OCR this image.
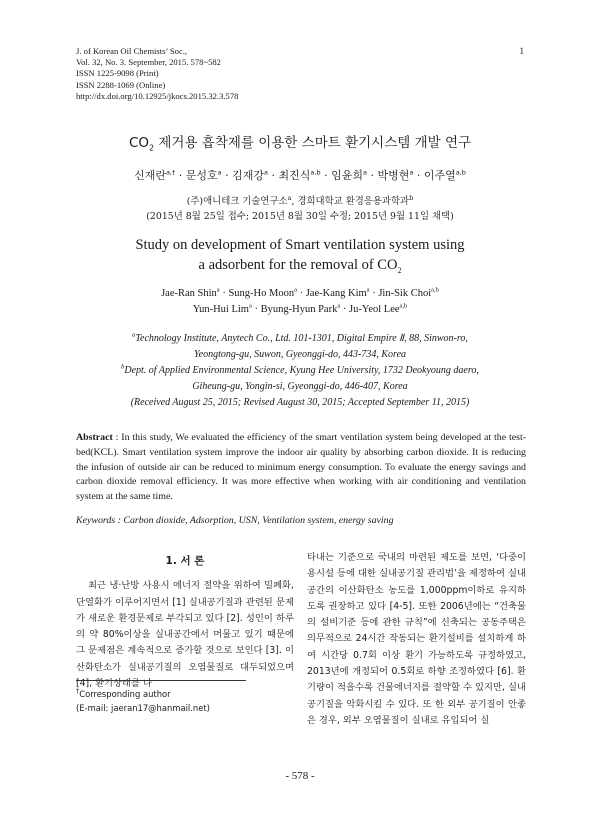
J. of Korean Oil Chemists’ Soc.,
Vol. 32, No. 3. September, 2015. 578~582
ISSN 1225-9098 (Print)
ISSN 2288-1069 (Online)
http://dx.doi.org/10.12925/jkocs.2015.32.3.578
1
$CO_2$ 제거용 흡착제를 이용한 스마트 환기시스템 개발 연구
신재란$^{a,\dagger}$ · 문성호$^a$ · 김재강$^a$ · 최진식$^{a,b}$ · 임윤희$^a$ · 박병현$^a$ · 이주열$^{a,b}$
(주)애니테크 기술연구소$^a$, 경희대학교 환경응용과학과$^b$
(2015년 8월 25일 접수; 2015년 8월 30일 수정; 2015년 9월 11일 채택)
Study on development of Smart ventilation system using
a adsorbent for the removal of $CO_2$
Jae-Ran Shin$^a$ · Sung-Ho Moon$^a$ · Jae-Kang Kim$^a$ · Jin-Sik Choi$^{a,b}$
Yun-Hui Lim$^a$ · Byung-Hyun Park$^a$ · Ju-Yeol Lee$^{a,b}$
$^a$Technology Institute, Anytech Co., Ltd. 101-1301, Digital Empire Ⅱ, 88, Sinwon-ro,
Yeongtong-gu, Suwon, Gyeonggi-do, 443-734, Korea
$^b$Dept. of Applied Environmental Science, Kyung Hee University, 1732 Deokyoung daero,
Giheung-gu, Yongin-si, Gyeonggi-do, 446-407, Korea
(Received August 25, 2015; Revised August 30, 2015; Accepted September 11, 2015)
Abstract : In this study, We evaluated the efficiency of the smart ventilation system being developed at the test-bed(KCL). Smart ventilation system improve the indoor air quality by absorbing carbon dioxide. It is reducing the infusion of outside air can be reduced to minimum energy consumption. To evaluate the energy savings and carbon dioxide removal efficiency. It was more effective when working with air conditioning and ventilation system at the same time.
Keywords : Carbon dioxide, Adsorption, USN, Ventilation system, energy saving
1. 서 론

최근 냉·난방 사용시 에너지 절약을 위하여 밀폐화, 단열화가 이루어지면서 [1] 실내공기질과 관련된 문제가 새로운 환경문제로 부각되고 있다 [2]. 성인이 하루의 약 80%이상을 실내공간에서 머물고 있기 때문에 그 문제점은 계속적으로 증가할 것으로 보인다 [3]. 이산화탄소가 실내공기질의 오염물질로 대두되었으며[4], 환기상태를 나

타내는 기준으로 국내의 마련된 제도를 보면, ‘다중이용시설 등에 대한 실내공기질 관리법’을 제정하여 실내공간의 이산화탄소 농도를 1,000ppm이하로 유지하도록 권장하고 있다 [4-5]. 또한 2006년에는 “건축물의 설비기준 등에 관한 규칙”에 신축되는 공동주택은 의무적으로 24시간 작동되는 환기설비를 설치하게 하여 시간당 0.7회 이상 환기 가능하도록 규정하였고, 2013년에 개정되어 0.5회로 하향 조정하였다 [6]. 환기량이 적을수록 건물에너지를 절약할 수 있지만, 실내공기질을 악화시킬 수 있다. 또 한 외부 공기질이 안좋은 경우, 외부 오염물질이 실내로 유입되어 실

†Corresponding author
(E-mail: jaeran17@hanmail.net)
- 578 -
